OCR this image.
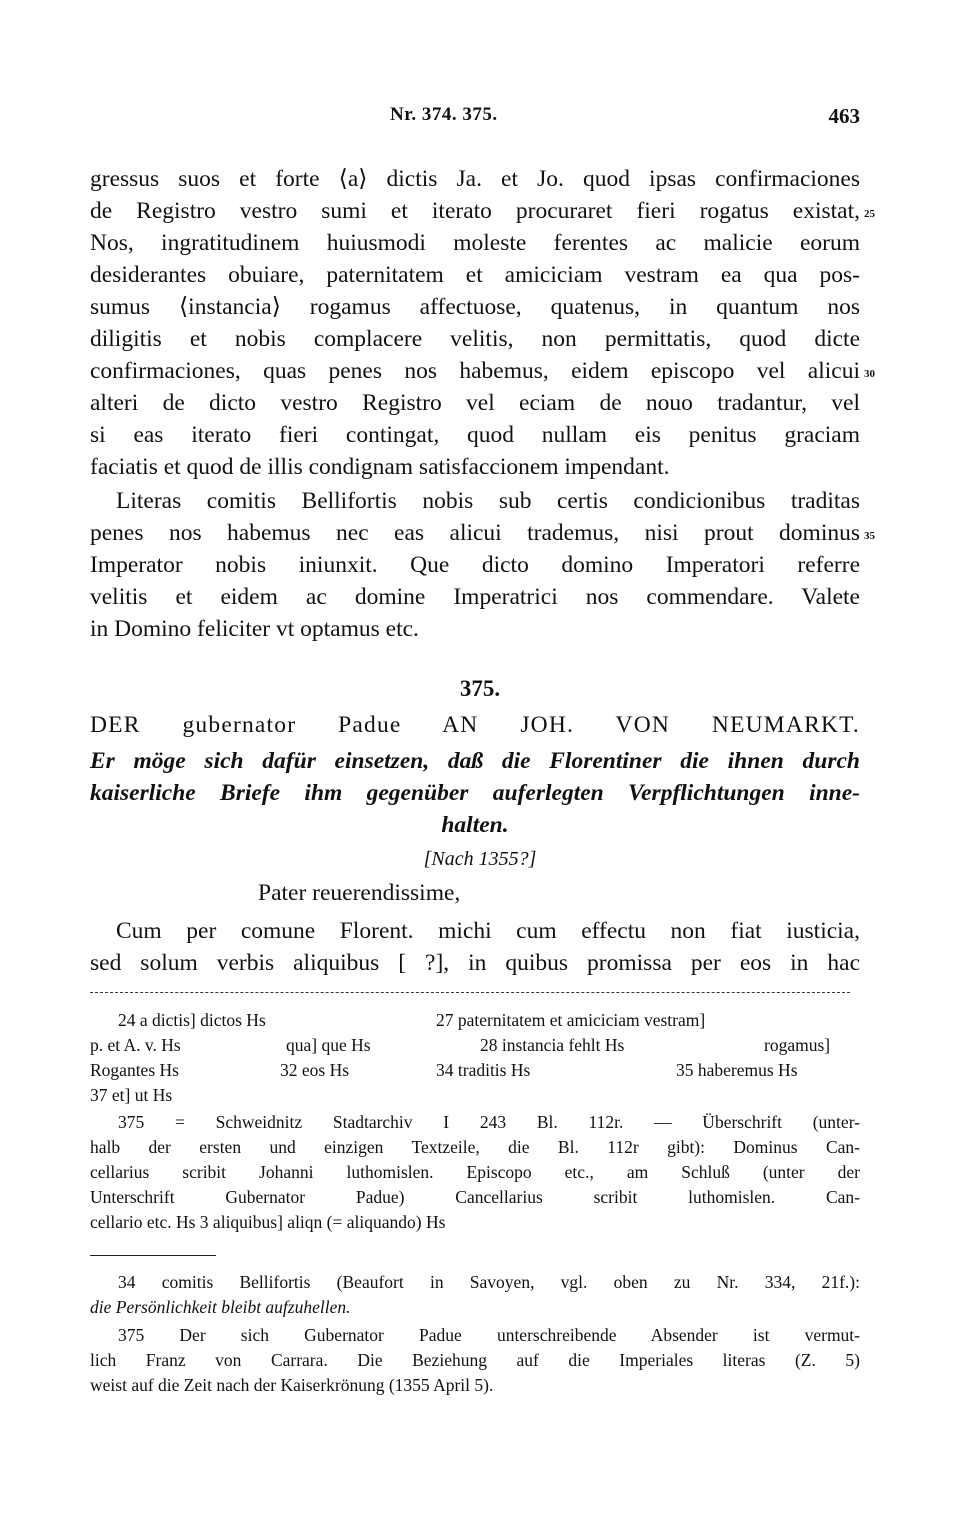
Nr. 374. 375.	463
gressus suos et forte ⟨a⟩ dictis Ja. et Jo. quod ipsas confirmaciones
de Registro vestro sumi et iterato procuraret fieri rogatus existat,
Nos, ingratitudinem huiusmodi moleste ferentes ac malicie eorum
desiderantes obuiare, paternitatem et amiciciam vestram ea qua pos-
sumus ⟨instancia⟩ rogamus affectuose, quatenus, in quantum nos
diligitis et nobis complacere velitis, non permittatis, quod dicte
confirmaciones, quas penes nos habemus, eidem episcopo vel alicui
alteri de dicto vestro Registro vel eciam de nouo tradantur, vel
si eas iterato fieri contingat, quod nullam eis penitus graciam
faciatis et quod de illis condignam satisfaccionem impendant.
Literas comitis Bellifortis nobis sub certis condicionibus traditas
penes nos habemus nec eas alicui trademus, nisi prout dominus
Imperator nobis iniunxit. Que dicto domino Imperatori referre
velitis et eidem ac domine Imperatrici nos commendare. Valete
in Domino feliciter vt optamus etc.
25
30
35
375.
DER gubernator Padue AN JOH. VON NEUMARKT.
Er möge sich dafür einsetzen, daß die Florentiner die ihnen durch
kaiserliche Briefe ihm gegenüber auferlegten Verpflichtungen inne-
halten.
[Nach 1355?]
Pater reuerendissime,
Cum per comune Florent. michi cum effectu non fiat iusticia,
sed solum verbis aliquibus [ ?], in quibus promissa per eos in hac
24 a dictis] dictos Hs	27 paternitatem et amiciciam vestram]
p. et A. v. Hs	qua] que Hs	28 instancia fehlt Hs	rogamus]
Rogantes Hs	32 eos Hs	34 traditis Hs	35 haberemus Hs
37 et] ut Hs
375 = Schweidnitz Stadtarchiv I 243 Bl. 112r. — Überschrift (unter-
halb der ersten und einzigen Textzeile, die Bl. 112r gibt): Dominus Can-
cellarius scribit Johanni luthomislen. Episcopo etc., am Schluß (unter der
Unterschrift Gubernator Padue) Cancellarius scribit luthomislen. Can-
cellario etc. Hs 3 aliquibus] aliqn (= aliquando) Hs
34 comitis Bellifortis (Beaufort in Savoyen, vgl. oben zu Nr. 334, 21f.):
die Persönlichkeit bleibt aufzuhellen.
375 Der sich Gubernator Padue unterschreibende Absender ist vermut-
lich Franz von Carrara. Die Beziehung auf die Imperiales literas (Z. 5)
weist auf die Zeit nach der Kaiserkrönung (1355 April 5).
